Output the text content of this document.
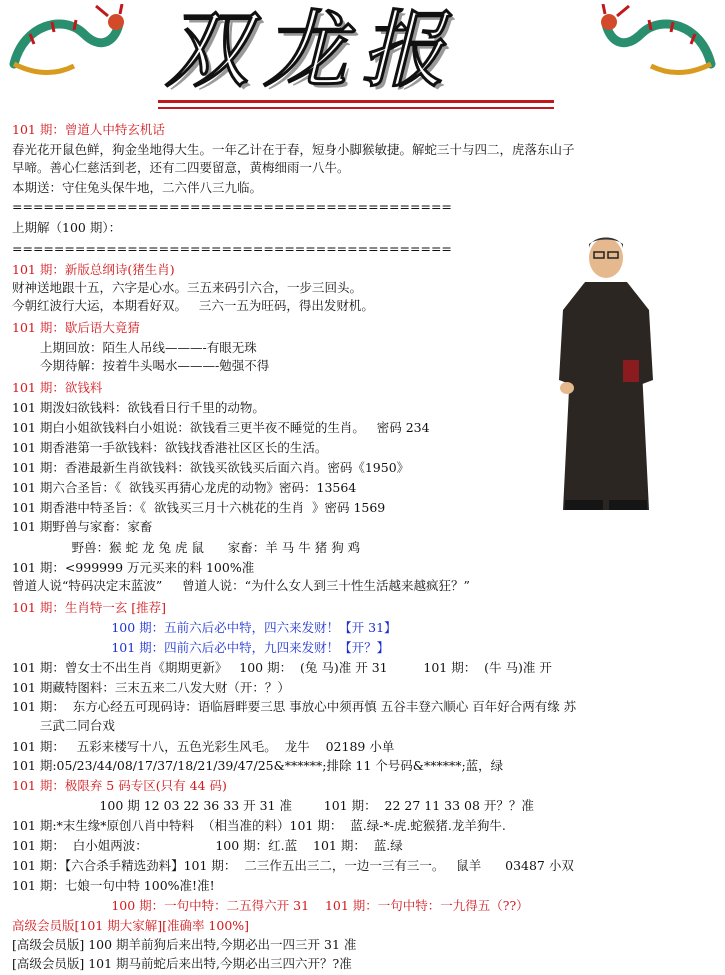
双龙报
101 期：曾道人中特玄机话
春光花开鼠色鲜，狗金坐地得大生。一年乙计在于春，短身小脚猴敏捷。解蛇三十与四二，虎落东山子
早啼。善心仁慈活到老，还有二四要留意，黄梅细雨一八牛。
本期送：守住兔头保牛地，二六伴八三九临。
==========================================
上期解（100 期）：
==========================================
101 期：新版总纲诗(猪生肖)
财神送地跟十五，六字是心水。三五来码引六合，一步三回头。
今朝红波行大运，本期看好双。   三六一五为旺码，得出发财机。
101 期：歇后语大竟猜
上期回放：陌生人吊线———-有眼无珠
今期待解：按着牛头喝水———-勉强不得
101 期：欲钱料
101 期泼妇欲钱料：欲钱看日行千里的动物。
101 期白小姐欲钱料白小姐说：欲钱看三更半夜不睡觉的生肖。   密码 234
101 期香港第一手欲钱料：欲钱找香港社区区长的生活。
101 期：香港最新生肖欲钱料：欲钱买欲钱买后面六肖。密码《1950》
101 期六合圣旨：《  欲钱买再猜心龙虎的动物》密码：13564
101 期香港中特圣旨：《  欲钱买三月十六桃花的生肖  》密码 1569
101 期野兽与家畜：家畜
野兽：猴 蛇 龙 兔 虎 鼠      家畜：羊 马 牛 猪 狗 鸡
101 期：<999999 万元买来的料 100%准
曾道人说“特码决定末蓝波”     曾道人说：“为什么女人到三十性生活越来越疯狂？”
101 期：生肖特一玄 [推荐]
100 期：五前六后必中特，四六来发财！【开 31】
101 期：四前六后必中特，九四来发财！【开？】
101 期：曾女士不出生肖《期期更新》   100 期：  (兔 马)准 开 31         101 期：  (牛 马)准 开
101 期藏特图料：三末五来二八发大财（开：？）
101 期：  东方心经五可现码诗：语临唇畔要三思 事放心中须再慎 五谷丰登六顺心 百年好合两有缘 苏
三武二同台戏
101 期：   五彩来楼写十八，五色光彩生风毛。  龙牛    02189 小单
101 期:05/23/44/08/17/37/18/21/39/47/25&******;排除 11 个号码&******;蓝，绿
101 期：极限弃 5 码专区(只有 44 码)
100 期 12 03 22 36 33 开 31 准        101 期：  22 27 11 33 08 开？？准
101 期:*末生缘*原创八肖中特料  （相当准的料）101 期：  蓝.绿-*-虎.蛇猴猪.龙羊狗牛.
101 期：  白小姐两波：                 100 期：红.蓝    101 期：  蓝.绿
101 期：【六合杀手精选劲料】101 期：  二三作五出三二，一边一三有三一。   鼠羊      03487 小双
101 期：七娘一句中特 100%准!准!
100 期：一句中特：二五得六开 31    101 期：一句中特：一九得五（??）
高级会员版[101 期大家解][准确率 100%]
[高级会员版] 100 期羊前狗后来出特,今期必出一四三开 31 准
[高级会员版] 101 期马前蛇后来出特,今期必出三四六开？?准
